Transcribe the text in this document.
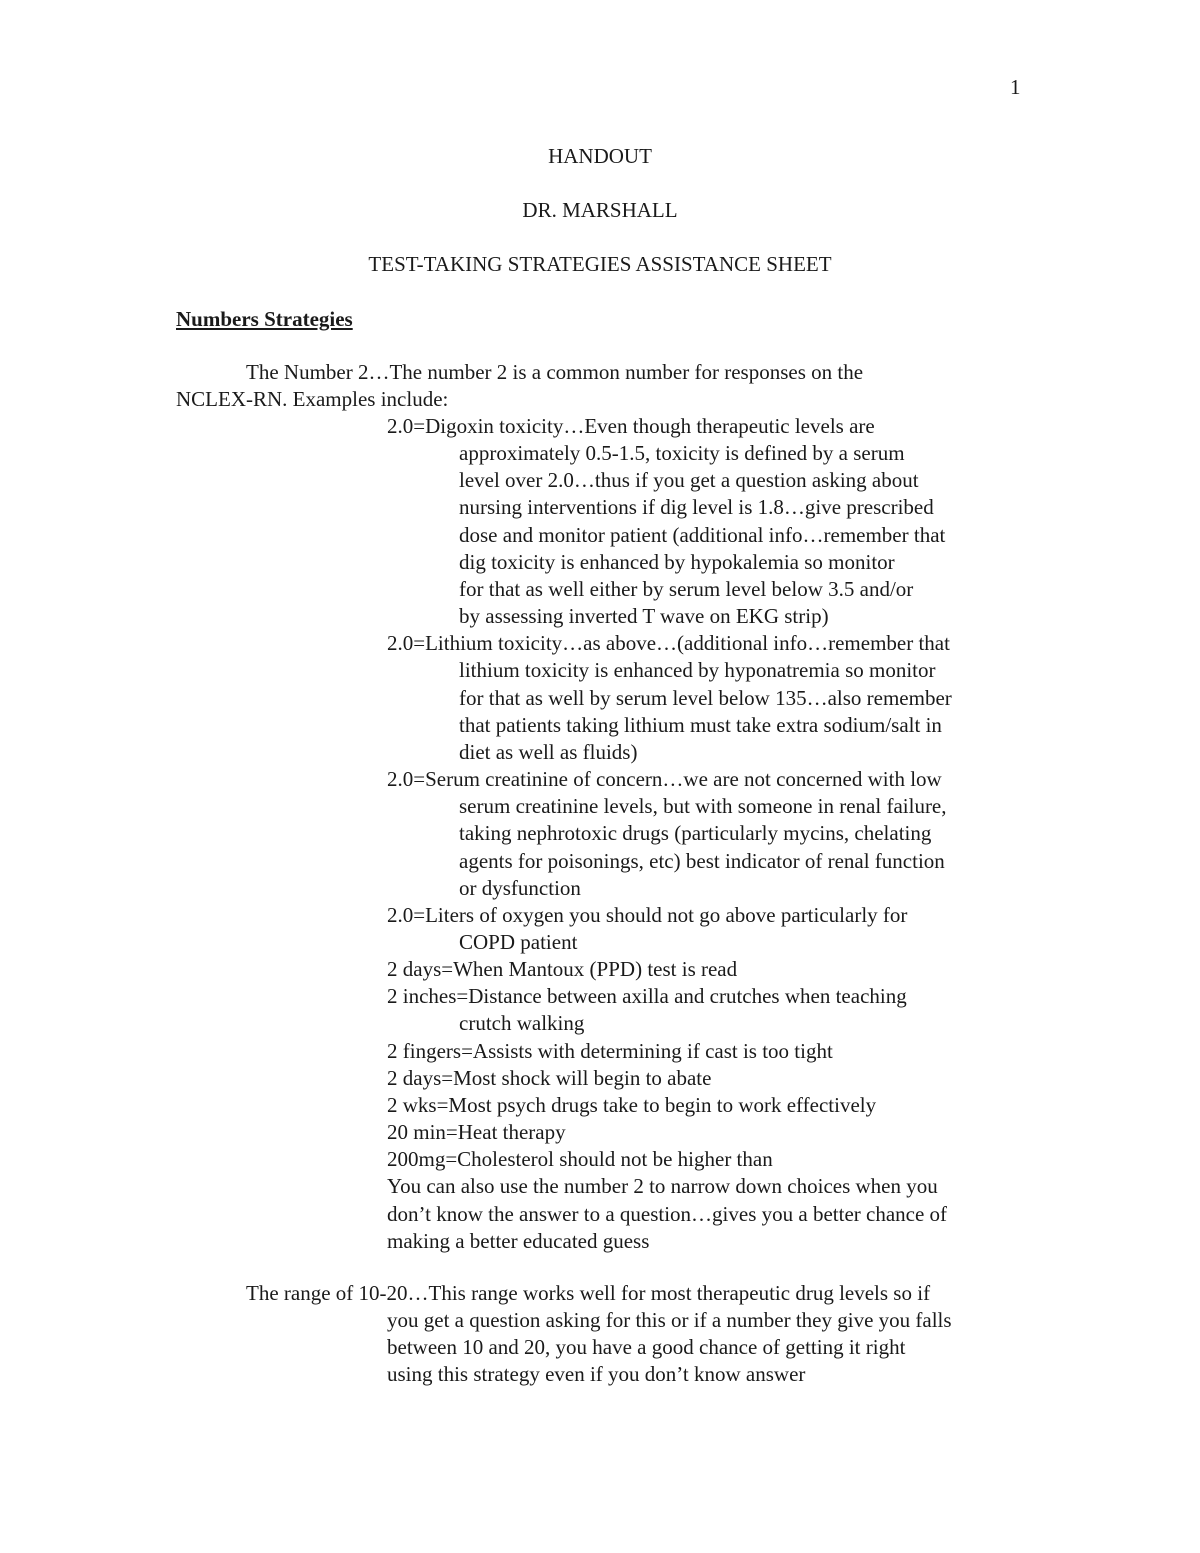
1
HANDOUT
DR. MARSHALL
TEST-TAKING STRATEGIES ASSISTANCE SHEET
Numbers Strategies
The Number 2…The number 2 is a common number for responses on the
NCLEX-RN. Examples include:
2.0=Digoxin toxicity…Even though therapeutic levels are
approximately 0.5-1.5, toxicity is defined by a serum
level over 2.0…thus if you get a question asking about
nursing interventions if dig level is 1.8…give prescribed
dose and monitor patient (additional info…remember that
dig toxicity is enhanced by hypokalemia so monitor
for that as well either by serum level below 3.5 and/or
by assessing inverted T wave on EKG strip)
2.0=Lithium toxicity…as above…(additional info…remember that
lithium toxicity is enhanced by hyponatremia so monitor
for that as well by serum level below 135…also remember
that patients taking lithium must take extra sodium/salt in
diet as well as fluids)
2.0=Serum creatinine of concern…we are not concerned with low
serum creatinine levels, but with someone in renal failure,
taking nephrotoxic drugs (particularly mycins, chelating
agents for poisonings, etc) best indicator of renal function
or dysfunction
2.0=Liters of oxygen you should not go above particularly for
COPD patient
2 days=When Mantoux (PPD) test is read
2 inches=Distance between axilla and crutches when teaching
crutch walking
2 fingers=Assists with determining if cast is too tight
2 days=Most shock will begin to abate
2 wks=Most psych drugs take to begin to work effectively
20 min=Heat therapy
200mg=Cholesterol should not be higher than
You can also use the number 2 to narrow down choices when you
don’t know the answer to a question…gives you a better chance of
making a better educated guess
The range of 10-20…This range works well for most therapeutic drug levels so if
you get a question asking for this or if a number they give you falls
between 10 and 20, you have a good chance of getting it right
using this strategy even if you don’t know answer
